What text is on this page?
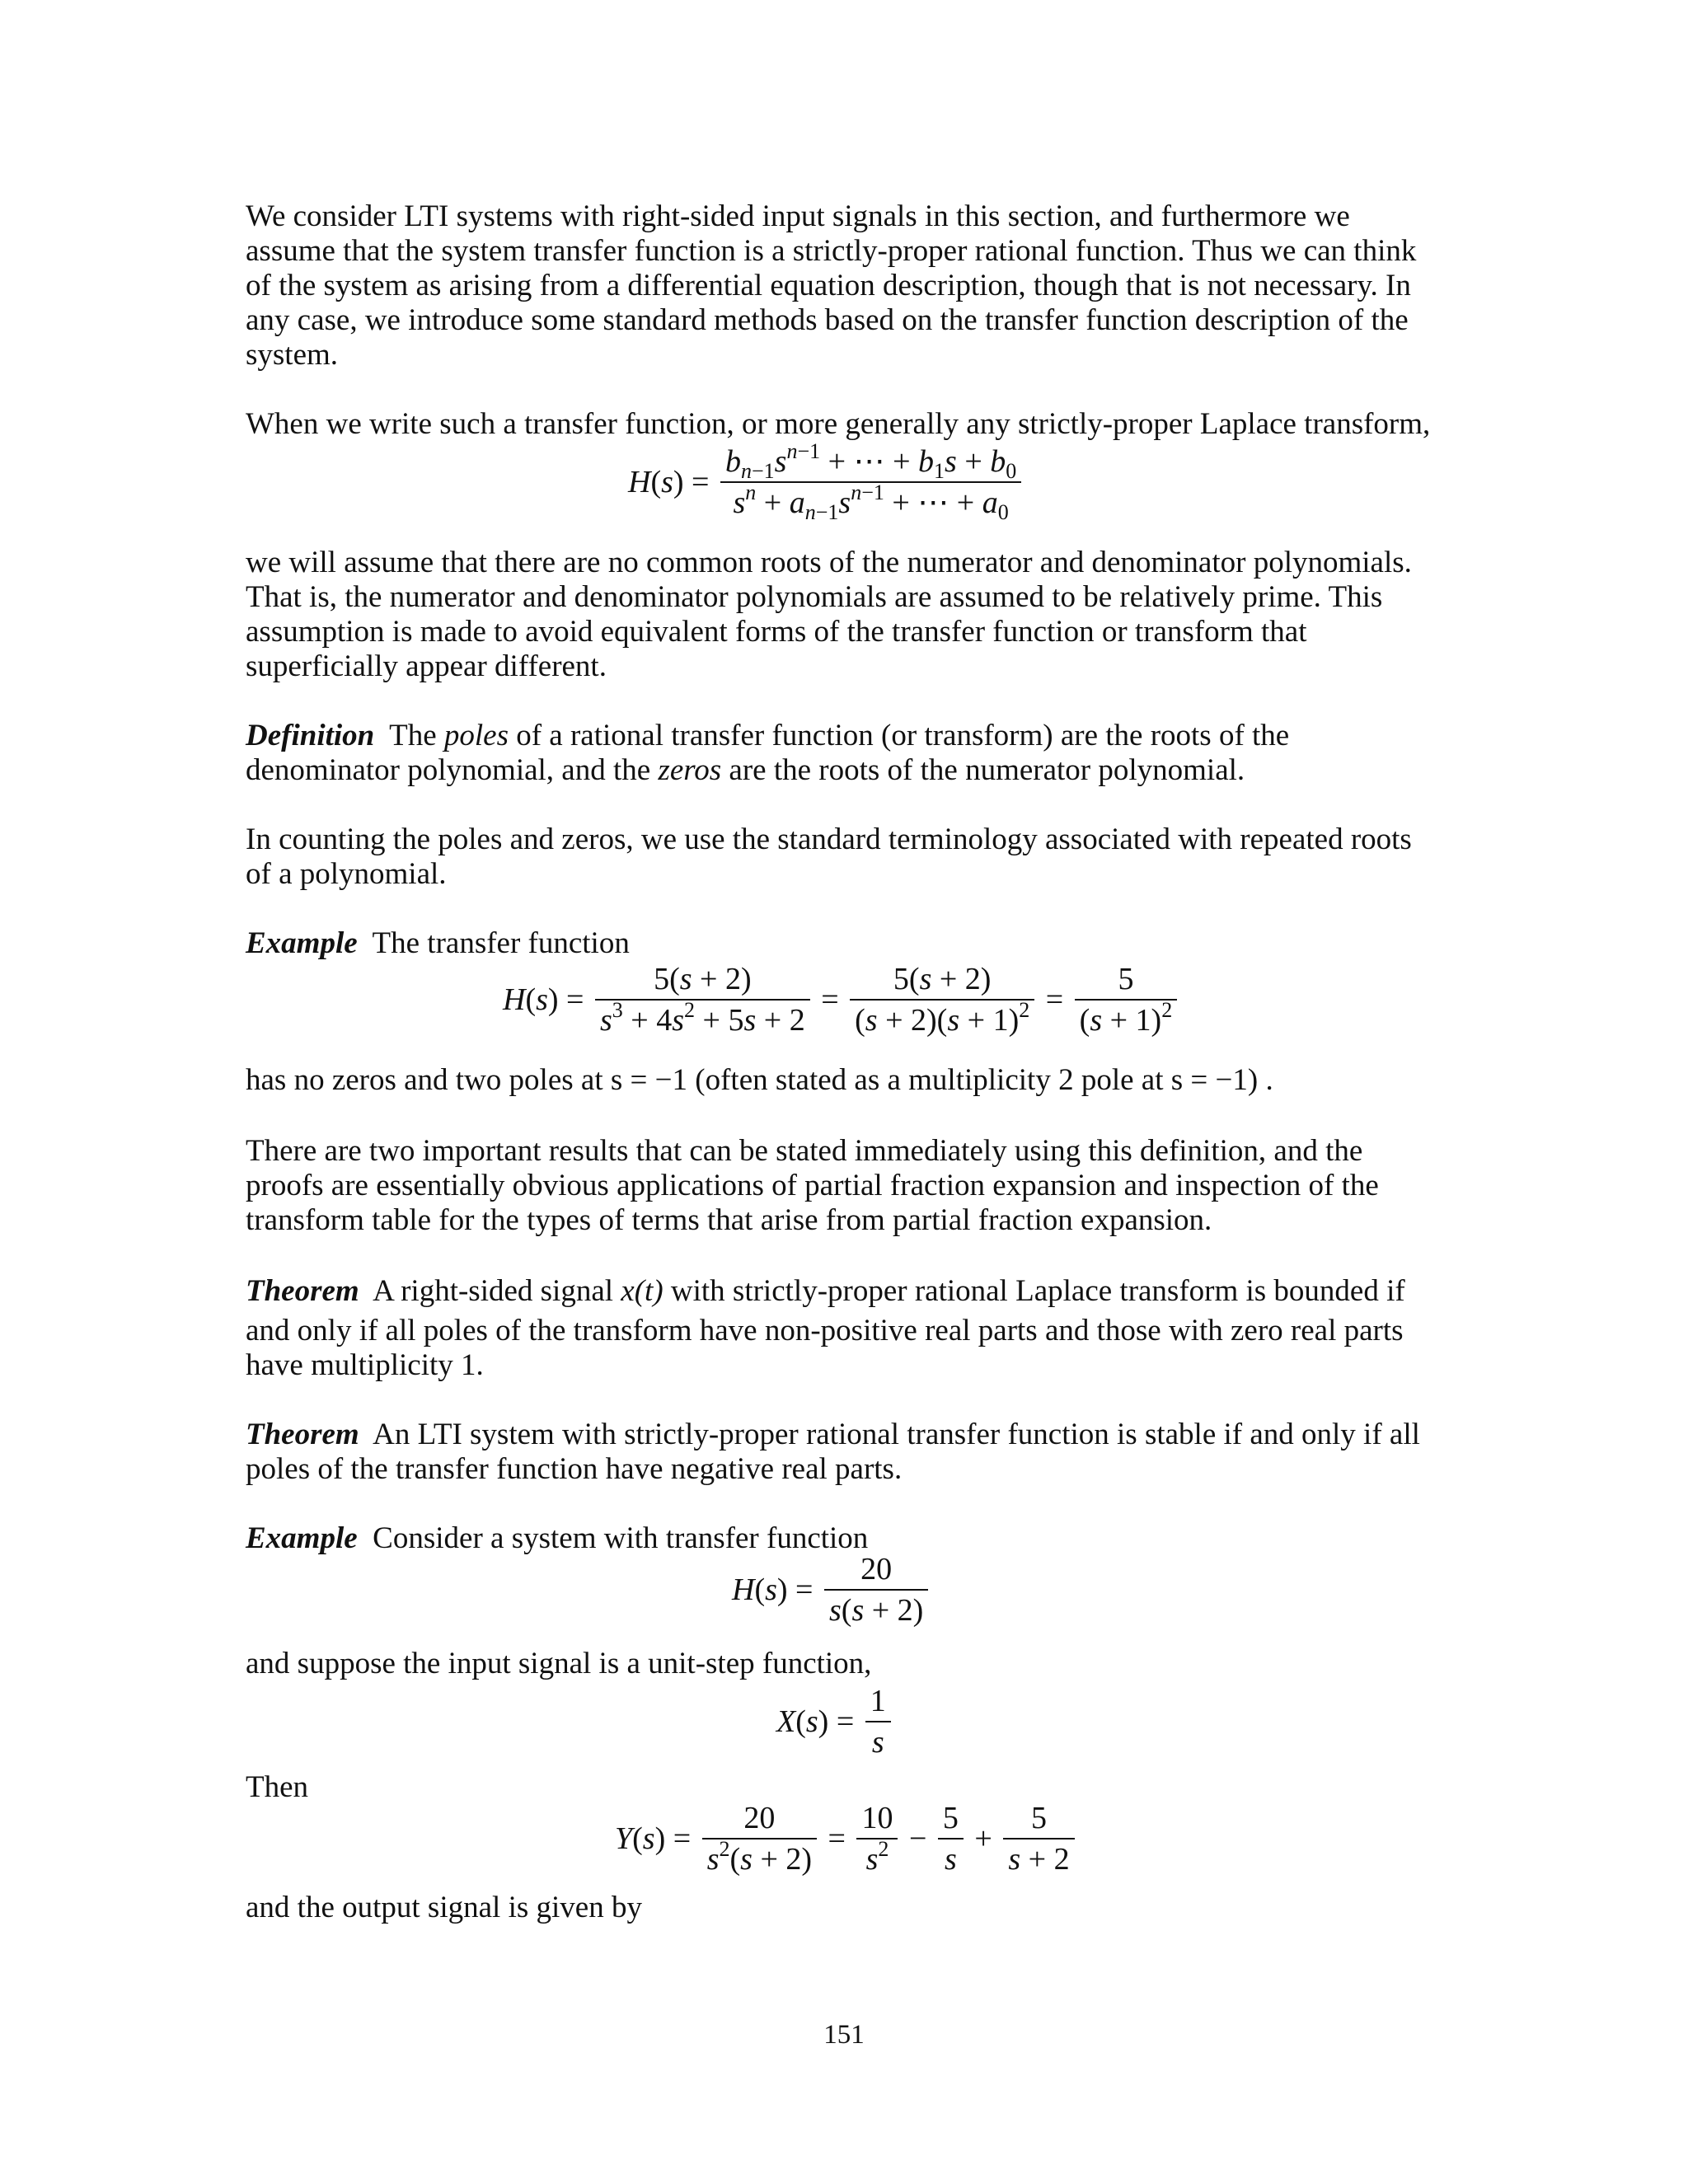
We consider LTI systems with right-sided input signals in this section, and furthermore we
assume that the system transfer function is a strictly-proper rational function. Thus we can think
of the system as arising from a differential equation description, though that is not necessary. In
any case, we introduce some standard methods based on the transfer function description of the
system.
When we write such a transfer function, or more generally any strictly-proper Laplace transform,
$H(s) = \frac{b_{n-1}s^{n-1} + \cdots + b_1s + b_0}{s^n + a_{n-1}s^{n-1} + \cdots + a_0}$
we will assume that there are no common roots of the numerator and denominator polynomials.
That is, the numerator and denominator polynomials are assumed to be relatively prime. This
assumption is made to avoid equivalent forms of the transfer function or transform that
superficially appear different.
Definition The poles of a rational transfer function (or transform) are the roots of the
denominator polynomial, and the zeros are the roots of the numerator polynomial.
In counting the poles and zeros, we use the standard terminology associated with repeated roots
of a polynomial.
Example The transfer function
$H(s) = \frac{5(s + 2)}{s^3 + 4s^2 + 5s + 2} = \frac{5(s + 2)}{(s + 2)(s + 1)^2} = \frac{5}{(s + 1)^2}$
has no zeros and two poles at s = −1 (often stated as a multiplicity 2 pole at s = −1) .
There are two important results that can be stated immediately using this definition, and the
proofs are essentially obvious applications of partial fraction expansion and inspection of the
transform table for the types of terms that arise from partial fraction expansion.
Theorem A right-sided signal x(t) with strictly-proper rational Laplace transform is bounded if
and only if all poles of the transform have non-positive real parts and those with zero real parts
have multiplicity 1.
Theorem An LTI system with strictly-proper rational transfer function is stable if and only if all
poles of the transfer function have negative real parts.
Example Consider a system with transfer function
$H(s) = \frac{20}{s(s + 2)}$
and suppose the input signal is a unit-step function,
$X(s) = \frac{1}{s}$
Then
$Y(s) = \frac{20}{s^2(s + 2)} = \frac{10}{s^2} - \frac{5}{s} + \frac{5}{s + 2}$
and the output signal is given by
151
